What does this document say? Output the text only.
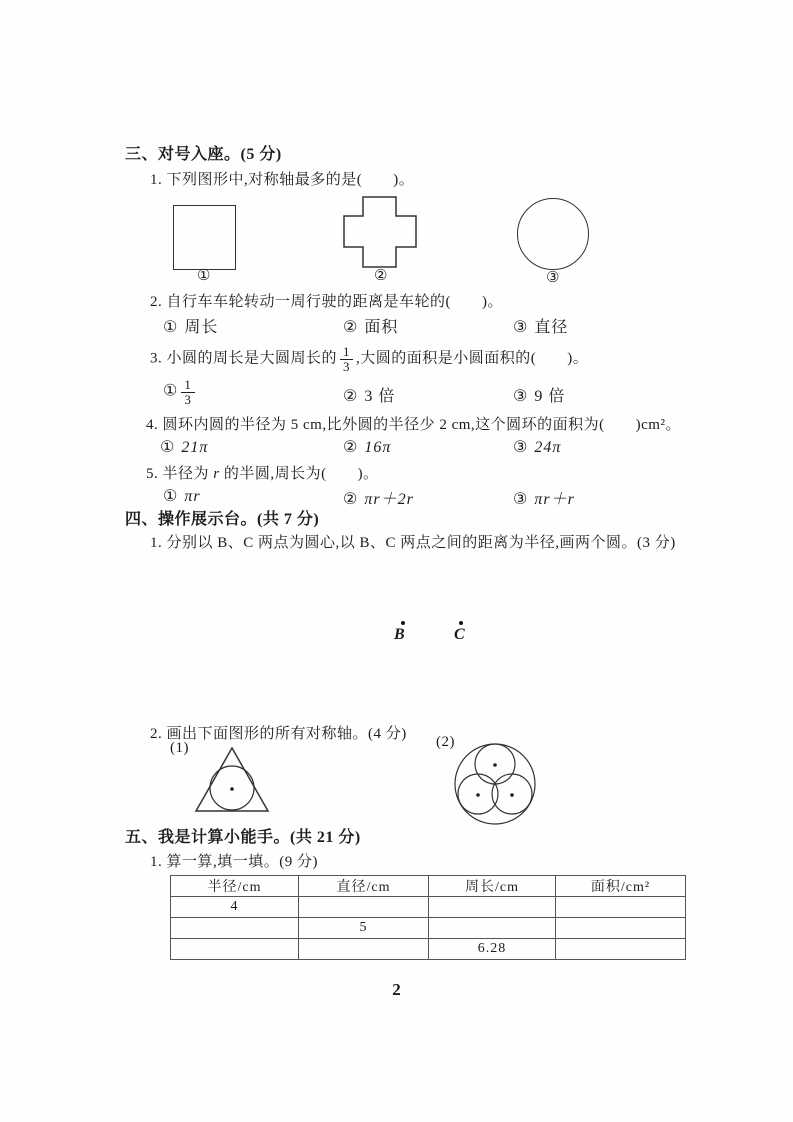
三、对号入座。(5 分)
1. 下列图形中,对称轴最多的是(　　)。
①	②	③
2. 自行车车轮转动一周行驶的距离是车轮的(　　)。
① 周长	② 面积	③ 直径
3. 小圆的周长是大圆周长的 $\frac{1}{3}$ ,大圆的面积是小圆面积的(　　)。
① $\frac{1}{3}$	② 3 倍	③ 9 倍
4. 圆环内圆的半径为 5 cm,比外圆的半径少 2 cm,这个圆环的面积为(　　)cm²。
① 21π	② 16π	③ 24π
5. 半径为 r 的半圆,周长为(　　)。
① πr	② πr＋2r	③ πr＋r
四、操作展示台。(共 7 分)
1. 分别以 B、C 两点为圆心,以 B、C 两点之间的距离为半径,画两个圆。(3 分)
B	C
2. 画出下面图形的所有对称轴。(4 分)
(1)	(2)
五、我是计算小能手。(共 21 分)
1. 算一算,填一填。(9 分)
半径/cm	直径/cm	周长/cm	面积/cm²
4			
	5		
		6.28	
2
